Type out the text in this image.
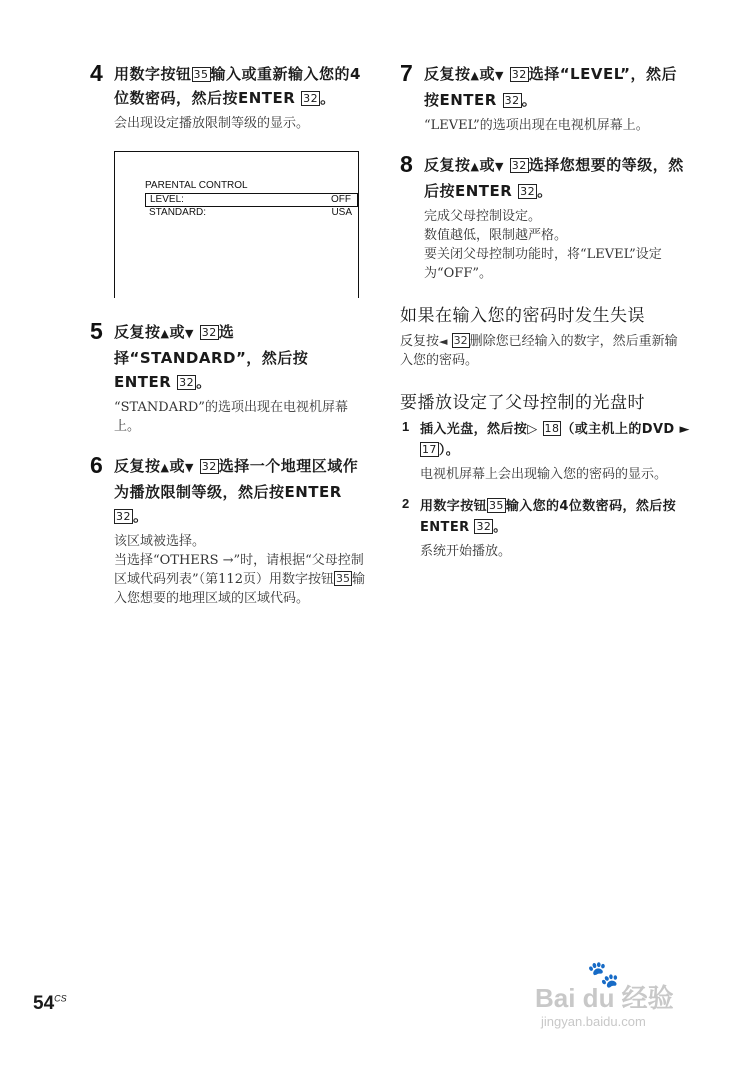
4 用数字按钮 35 输入或重新输入您的4位数密码，然后按ENTER 32 。
会出现设定播放限制等级的显示。
PARENTAL CONTROL
LEVEL:	OFF
STANDARD:	USA
5 反复按▲或▼ 32 选择“STANDARD”，然后按ENTER 32 。
“STANDARD”的选项出现在电视机屏幕上。
6 反复按▲或▼ 32 选择一个地理区域作为播放限制等级，然后按ENTER 32 。
该区域被选择。
当选择“OTHERS →”时，请根据“父母控制区域代码列表”（第112页）用数字按钮 35 输入您想要的地理区域的区域代码。
7 反复按▲或▼ 32 选择“LEVEL”，然后按ENTER 32 。
“LEVEL”的选项出现在电视机屏幕上。
8 反复按▲或▼ 32 选择您想要的等级，然后按ENTER 32 。
完成父母控制设定。
数值越低，限制越严格。
要关闭父母控制功能时，将“LEVEL”设定为“OFF”。
如果在输入您的密码时发生失误
反复按◄ 32 删除您已经输入的数字，然后重新输入您的密码。
要播放设定了父母控制的光盘时
1 插入光盘，然后按▷ 18 （或主机上的DVD ► 17 ）。
电视机屏幕上会出现输入您的密码的显示。
2 用数字按钮 35 输入您的4位数密码，然后按ENTER 32 。
系统开始播放。
$54^{CS}$
🐾
Bai du 经验
jingyan.baidu.com
